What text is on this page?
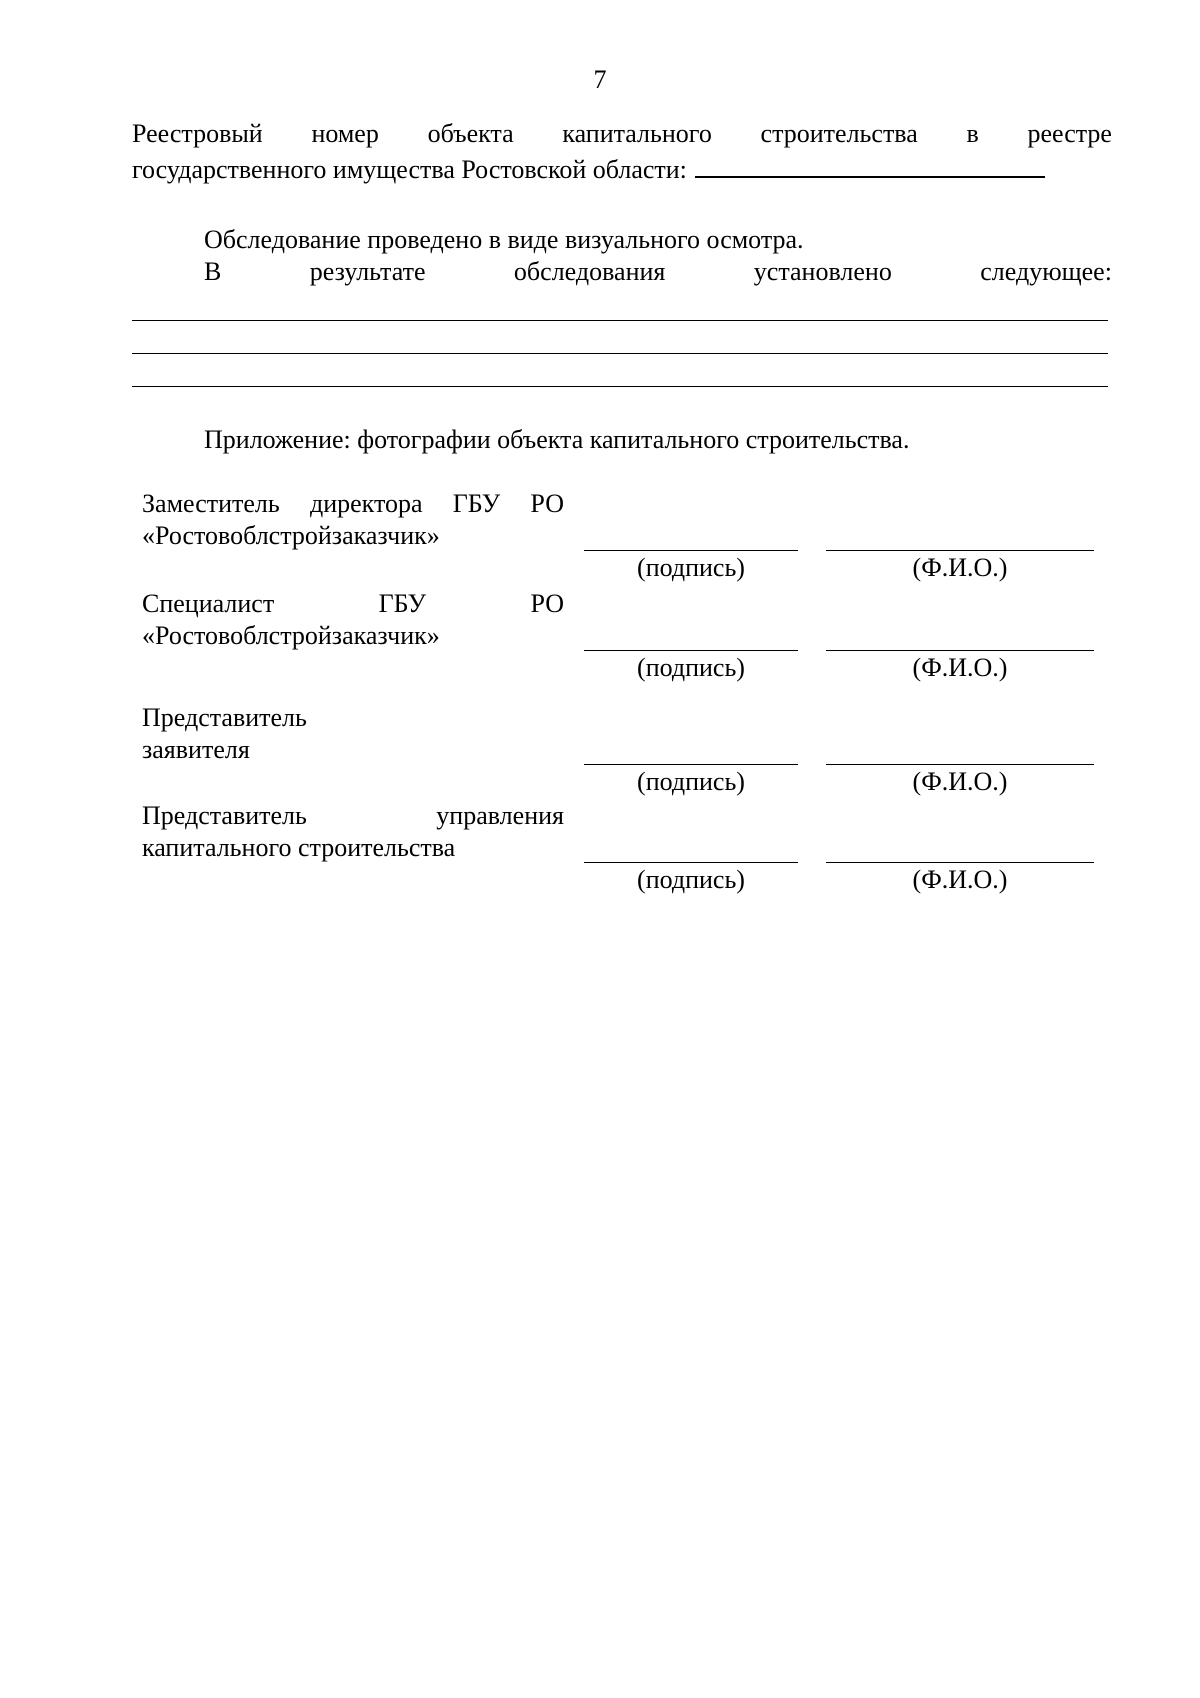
7
Реестровый номер объекта капитального строительства в реестре
государственного имущества Ростовской области:
Обследование проведено в виде визуального осмотра.
В	результате	обследования	установлено	следующее:
Приложение: фотографии объекта капитального строительства.
Заместитель директора ГБУ РО
«Ростовоблстройзаказчик»
(подпись)	(Ф.И.О.)
Специалист	ГБУ	РО
«Ростовоблстройзаказчик»
(подпись)	(Ф.И.О.)
Представитель
заявителя
(подпись)	(Ф.И.О.)
Представитель	управления
капитального строительства
(подпись)	(Ф.И.О.)
